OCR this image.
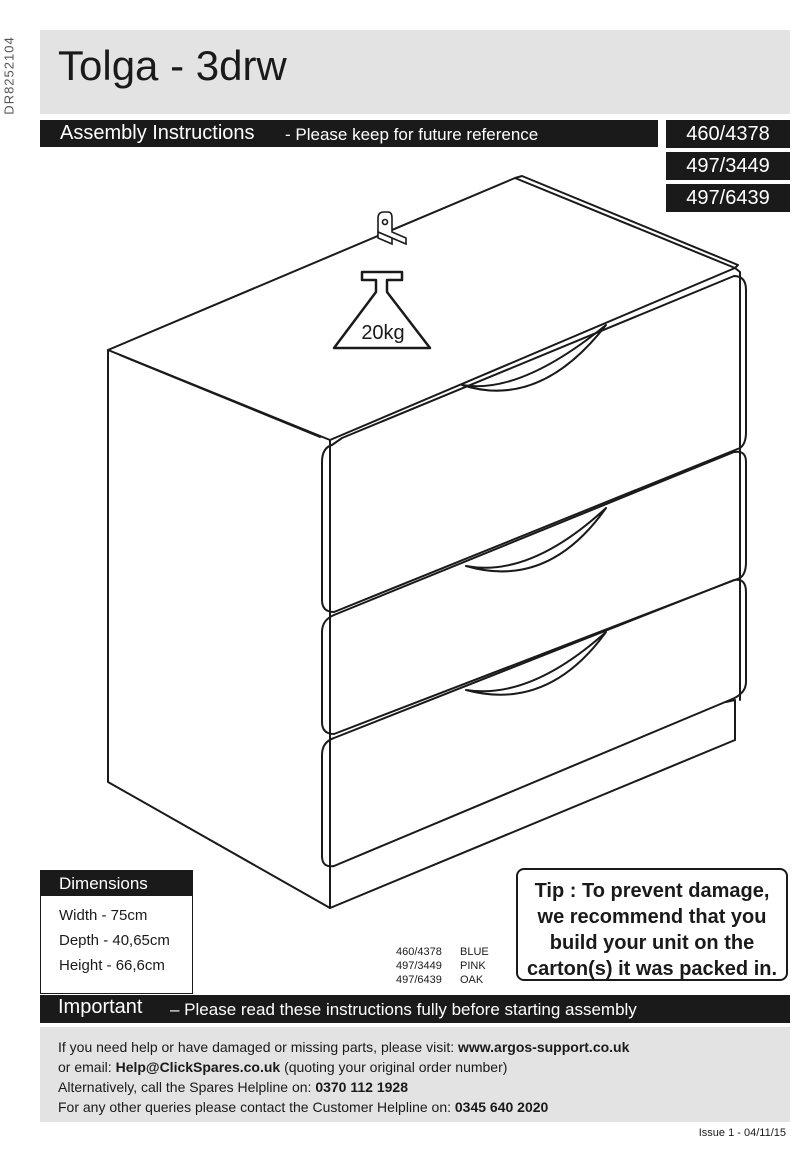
DR8252104 Tolga - 3drw
Assembly Instructions - Please keep for future reference	460/4378
497/3449
497/6439
20kg
Dimensions
Width - 75cm
Depth - 40,65cm
Height - 66,6cm
460/4378	BLUE
497/3449	PINK
497/6439	OAK
Tip : To prevent damage,
we recommend that you
build your unit on the
carton(s) it was packed in.
Important – Please read these instructions fully before starting assembly
If you need help or have damaged or missing parts, please visit: www.argos-support.co.uk
or email: Help@ClickSpares.co.uk (quoting your original order number)
Alternatively, call the Spares Helpline on: 0370 112 1928
For any other queries please contact the Customer Helpline on: 0345 640 2020
Issue 1 - 04/11/15
